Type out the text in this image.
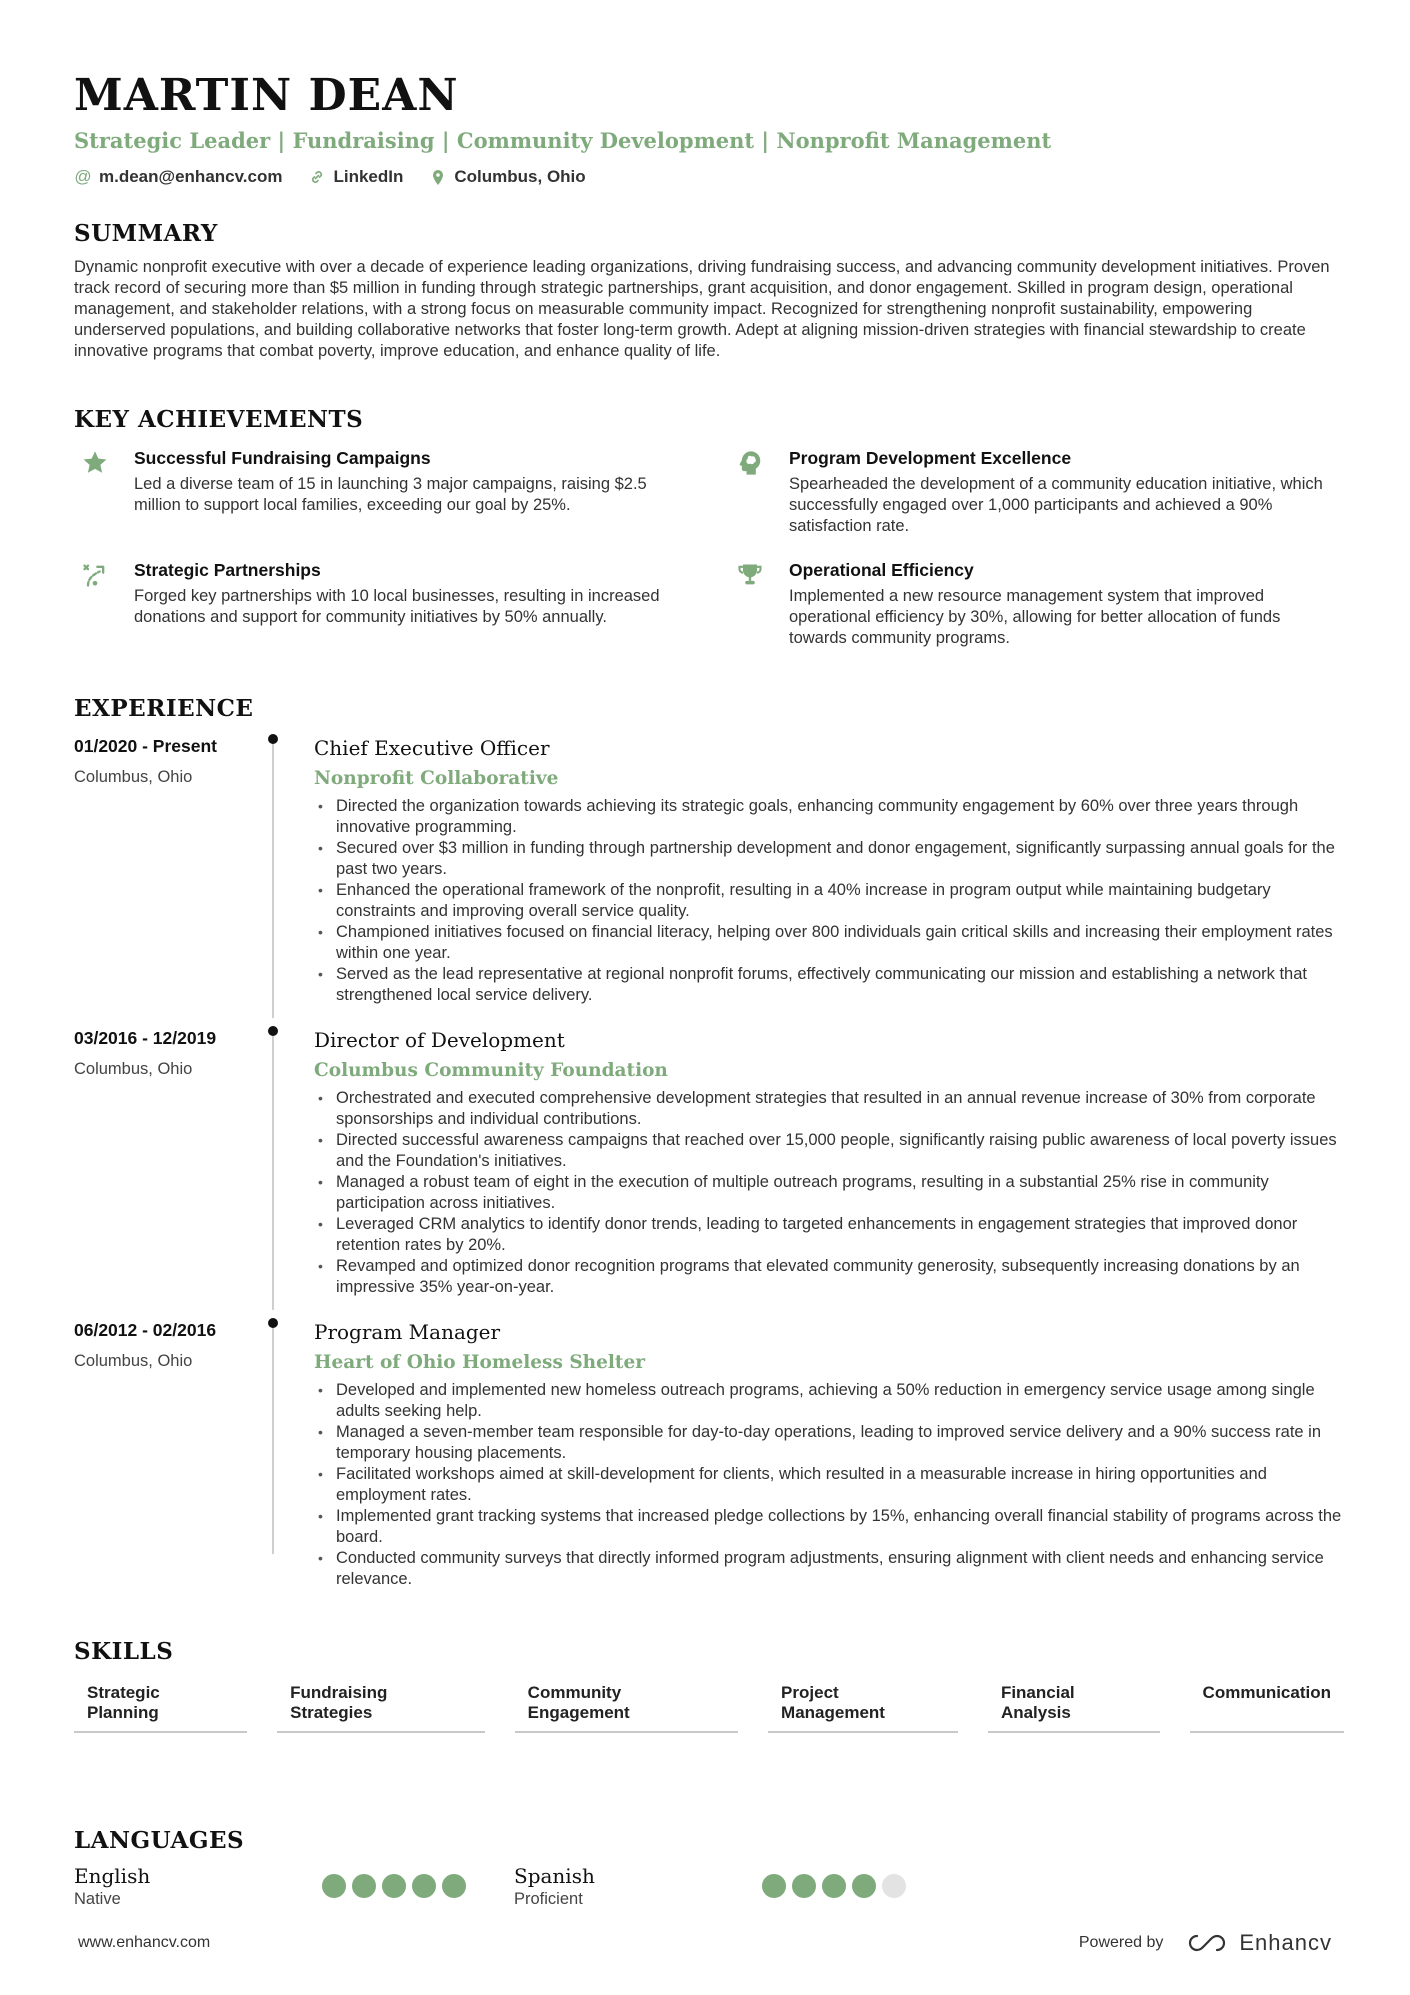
MARTIN DEAN
Strategic Leader | Fundraising | Community Development | Nonprofit Management
@ m.dean@enhancv.com	LinkedIn	Columbus, Ohio
SUMMARY
Dynamic nonprofit executive with over a decade of experience leading organizations, driving fundraising success, and advancing community development initiatives. Proven track record of securing more than $5 million in funding through strategic partnerships, grant acquisition, and donor engagement. Skilled in program design, operational management, and stakeholder relations, with a strong focus on measurable community impact. Recognized for strengthening nonprofit sustainability, empowering underserved populations, and building collaborative networks that foster long-term growth. Adept at aligning mission-driven strategies with financial stewardship to create innovative programs that combat poverty, improve education, and enhance quality of life.
KEY ACHIEVEMENTS
Successful Fundraising Campaigns
Led a diverse team of 15 in launching 3 major campaigns, raising $2.5 million to support local families, exceeding our goal by 25%.
Program Development Excellence
Spearheaded the development of a community education initiative, which successfully engaged over 1,000 participants and achieved a 90% satisfaction rate.
Strategic Partnerships
Forged key partnerships with 10 local businesses, resulting in increased donations and support for community initiatives by 50% annually.
Operational Efficiency
Implemented a new resource management system that improved operational efficiency by 30%, allowing for better allocation of funds towards community programs.
EXPERIENCE
01/2020 - Present
Columbus, Ohio
Chief Executive Officer
Nonprofit Collaborative
• Directed the organization towards achieving its strategic goals, enhancing community engagement by 60% over three years through innovative programming.
• Secured over $3 million in funding through partnership development and donor engagement, significantly surpassing annual goals for the past two years.
• Enhanced the operational framework of the nonprofit, resulting in a 40% increase in program output while maintaining budgetary constraints and improving overall service quality.
• Championed initiatives focused on financial literacy, helping over 800 individuals gain critical skills and increasing their employment rates within one year.
• Served as the lead representative at regional nonprofit forums, effectively communicating our mission and establishing a network that strengthened local service delivery.
03/2016 - 12/2019
Columbus, Ohio
Director of Development
Columbus Community Foundation
• Orchestrated and executed comprehensive development strategies that resulted in an annual revenue increase of 30% from corporate sponsorships and individual contributions.
• Directed successful awareness campaigns that reached over 15,000 people, significantly raising public awareness of local poverty issues and the Foundation's initiatives.
• Managed a robust team of eight in the execution of multiple outreach programs, resulting in a substantial 25% rise in community participation across initiatives.
• Leveraged CRM analytics to identify donor trends, leading to targeted enhancements in engagement strategies that improved donor retention rates by 20%.
• Revamped and optimized donor recognition programs that elevated community generosity, subsequently increasing donations by an impressive 35% year-on-year.
06/2012 - 02/2016
Columbus, Ohio
Program Manager
Heart of Ohio Homeless Shelter
• Developed and implemented new homeless outreach programs, achieving a 50% reduction in emergency service usage among single adults seeking help.
• Managed a seven-member team responsible for day-to-day operations, leading to improved service delivery and a 90% success rate in temporary housing placements.
• Facilitated workshops aimed at skill-development for clients, which resulted in a measurable increase in hiring opportunities and employment rates.
• Implemented grant tracking systems that increased pledge collections by 15%, enhancing overall financial stability of programs across the board.
• Conducted community surveys that directly informed program adjustments, ensuring alignment with client needs and enhancing service relevance.
SKILLS
Strategic Planning
Fundraising Strategies
Community Engagement
Project Management
Financial Analysis
Communication
LANGUAGES
English
Native
Spanish
Proficient
www.enhancv.com	Powered by	Enhancv
